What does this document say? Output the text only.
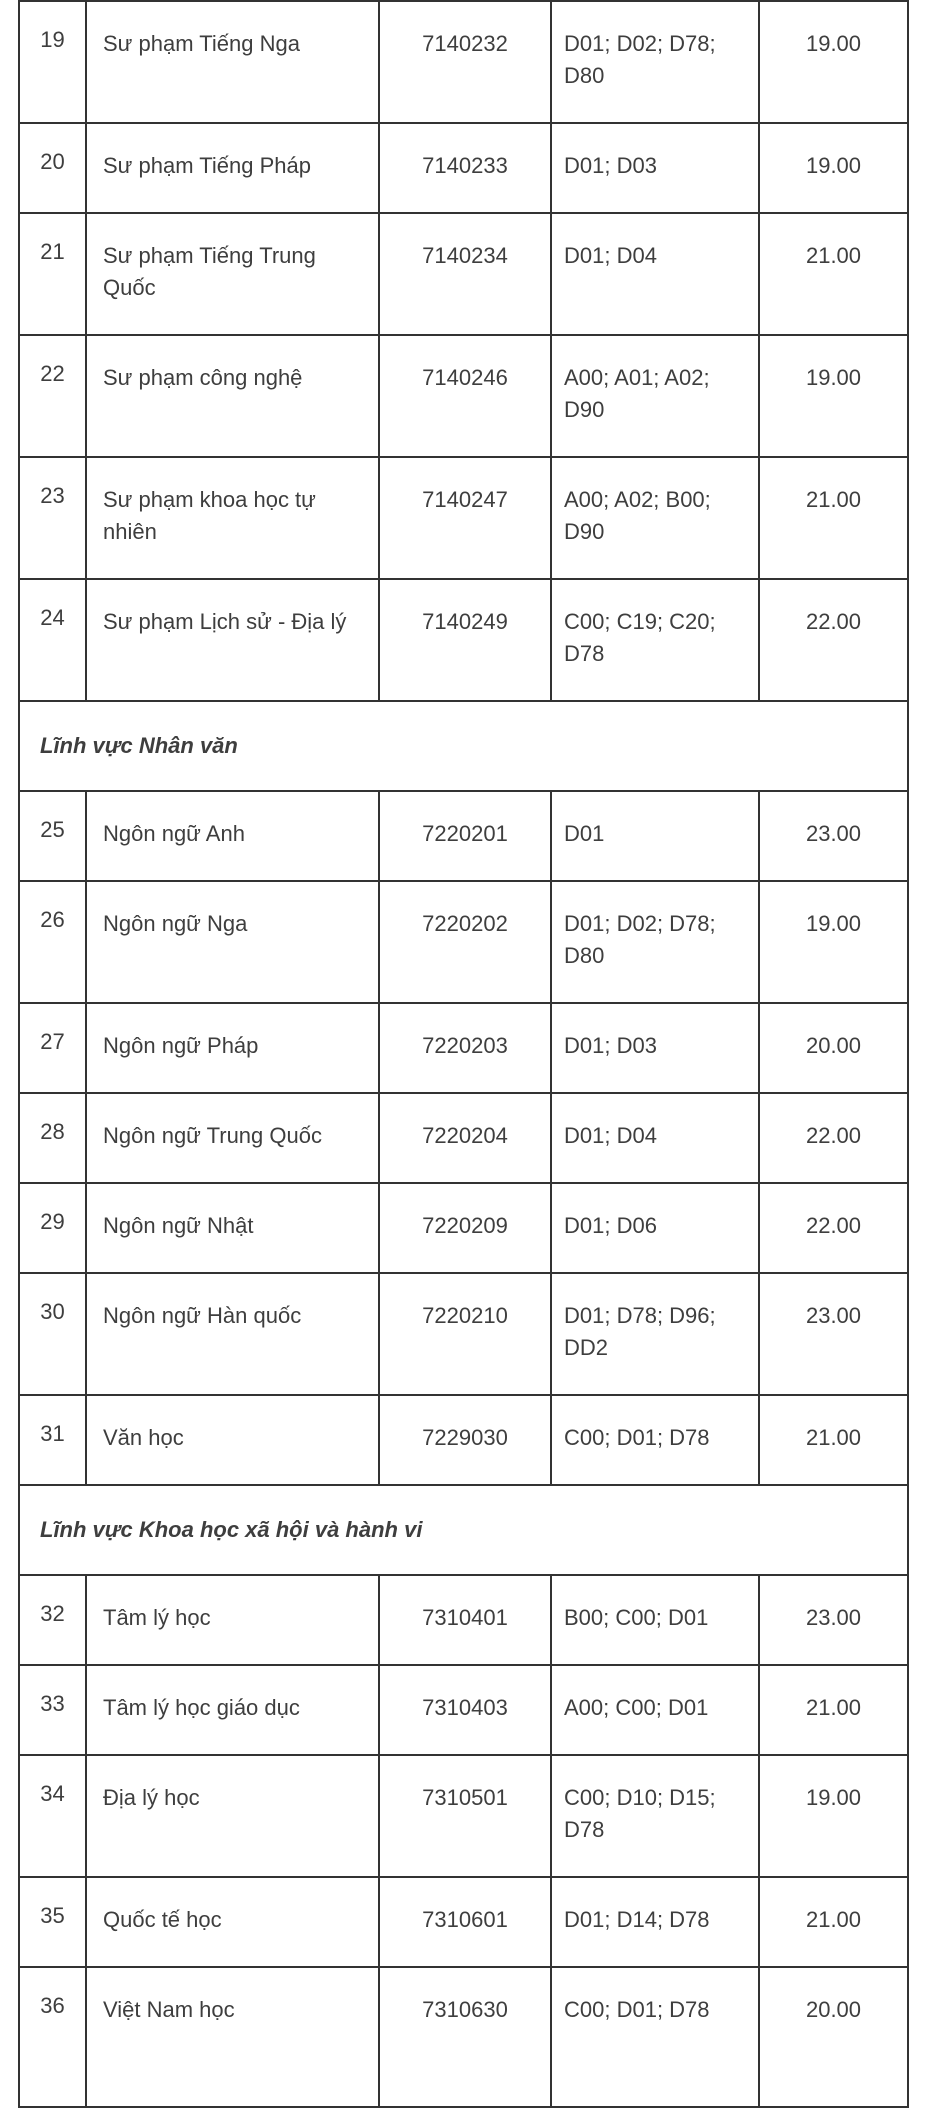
19	Sư phạm Tiếng Nga	7140232	D01; D02; D78; D80	19.00
20	Sư phạm Tiếng Pháp	7140233	D01; D03	19.00
21	Sư phạm Tiếng Trung Quốc	7140234	D01; D04	21.00
22	Sư phạm công nghệ	7140246	A00; A01; A02; D90	19.00
23	Sư phạm khoa học tự nhiên	7140247	A00; A02; B00; D90	21.00
24	Sư phạm Lịch sử - Địa lý	7140249	C00; C19; C20; D78	22.00
Lĩnh vực Nhân văn				
25	Ngôn ngữ Anh	7220201	D01	23.00
26	Ngôn ngữ Nga	7220202	D01; D02; D78; D80	19.00
27	Ngôn ngữ Pháp	7220203	D01; D03	20.00
28	Ngôn ngữ Trung Quốc	7220204	D01; D04	22.00
29	Ngôn ngữ Nhật	7220209	D01; D06	22.00
30	Ngôn ngữ Hàn quốc	7220210	D01; D78; D96; DD2	23.00
31	Văn học	7229030	C00; D01; D78	21.00
Lĩnh vực Khoa học xã hội và hành vi				
32	Tâm lý học	7310401	B00; C00; D01	23.00
33	Tâm lý học giáo dục	7310403	A00; C00; D01	21.00
34	Địa lý học	7310501	C00; D10; D15; D78	19.00
35	Quốc tế học	7310601	D01; D14; D78	21.00
36	Việt Nam học	7310630	C00; D01; D78	20.00
